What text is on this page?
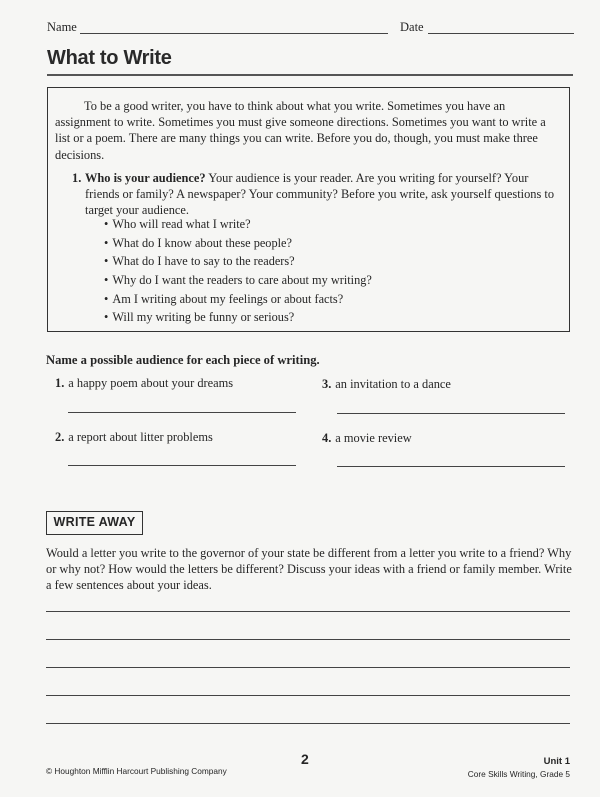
Name	Date
What to Write
To be a good writer, you have to think about what you write. Sometimes you have an assignment to write. Sometimes you must give someone directions. Sometimes you want to write a list or a poem. There are many things you can write. Before you do, though, you must make three decisions.
1. Who is your audience? Your audience is your reader. Are you writing for yourself? Your friends or family? A newspaper? Your community? Before you write, ask yourself questions to target your audience.
• Who will read what I write?
• What do I know about these people?
• What do I have to say to the readers?
• Why do I want the readers to care about my writing?
• Am I writing about my feelings or about facts?
• Will my writing be funny or serious?
Name a possible audience for each piece of writing.
1. a happy poem about your dreams	3. an invitation to a dance
2. a report about litter problems	4. a movie review
WRITE AWAY
Would a letter you write to the governor of your state be different from a letter you write to a friend? Why or why not? How would the letters be different? Discuss your ideas with a friend or family member. Write a few sentences about your ideas.
2
© Houghton Mifflin Harcourt Publishing Company
Unit 1
Core Skills Writing, Grade 5
